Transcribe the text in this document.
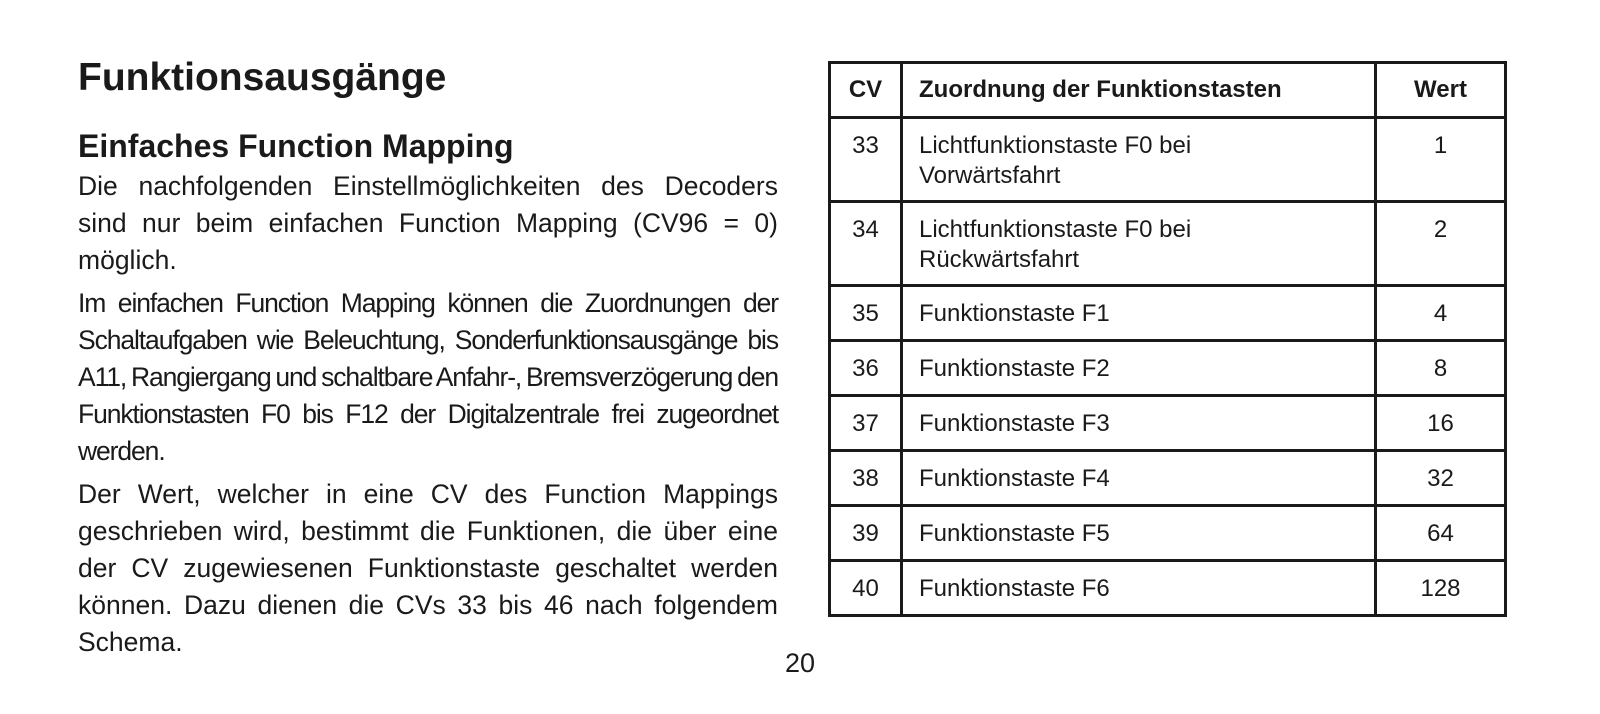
Funktionsausgänge
Einfaches Function Mapping

Die nachfolgenden Einstellmöglichkeiten des Decoders sind nur beim einfachen Function Mapping (CV96 = 0) möglich.

Im einfachen Function Mapping können die Zuordnungen der Schaltaufgaben wie Beleuchtung, Sonderfunktionsausgänge bis A11, Rangiergang und schaltbare Anfahr-, Bremsverzögerung den Funktionstasten F0 bis F12 der Digitalzentrale frei zugeordnet werden.

Der Wert, welcher in eine CV des Function Mappings geschrieben wird, bestimmt die Funktionen, die über eine der CV zugewiesenen Funktionstaste geschaltet werden können. Dazu dienen die CVs 33 bis 46 nach folgendem Schema.

CV	Zuordnung der Funktionstasten	Wert
33	Lichtfunktionstaste F0 bei
Vorwärtsfahrt	1
34	Lichtfunktionstaste F0 bei
Rückwärtsfahrt	2
35	Funktionstaste F1	4
36	Funktionstaste F2	8
37	Funktionstaste F3	16
38	Funktionstaste F4	32
39	Funktionstaste F5	64
40	Funktionstaste F6	128
20
